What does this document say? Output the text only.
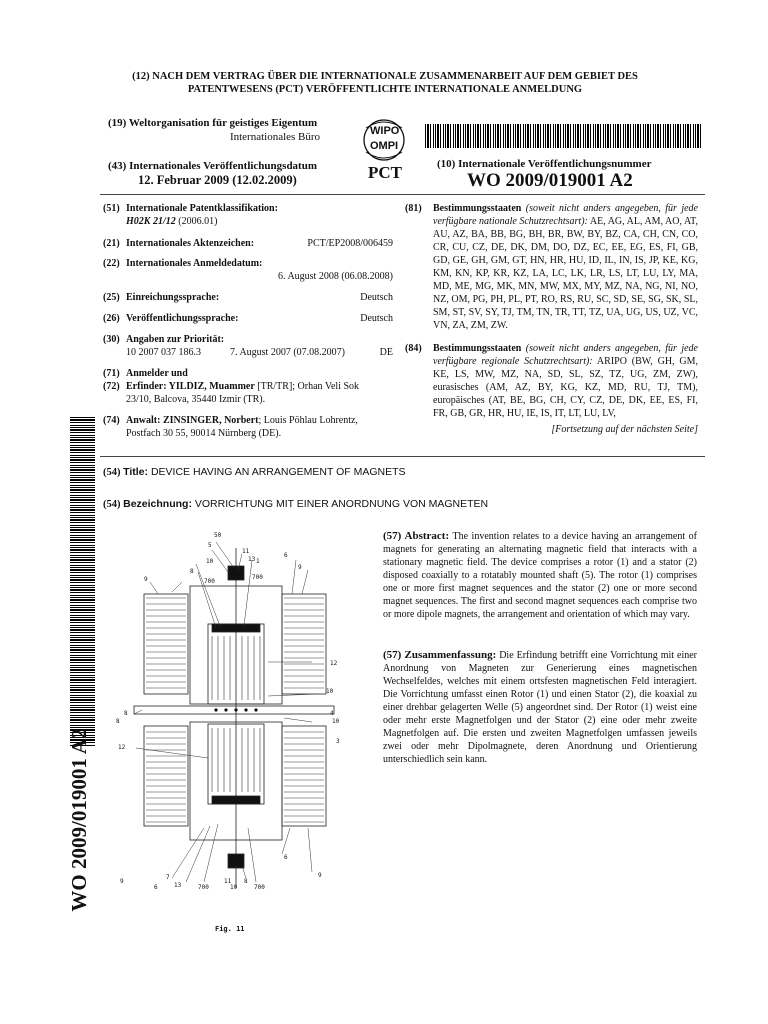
(12) NACH DEM VERTRAG ÜBER DIE INTERNATIONALE ZUSAMMENARBEIT AUF DEM GEBIET DES
PATENTWESENS (PCT) VERÖFFENTLICHTE INTERNATIONALE ANMELDUNG
(19) Weltorganisation für geistiges Eigentum
Internationales Büro	WIPO
OMPI
(43) Internationales Veröffentlichungsdatum
12. Februar 2009 (12.02.2009)	PCT	(10) Internationale Veröffentlichungsnummer
WO 2009/019001 A2
(51) Internationale Patentklassifikation:
H02K 21/12 (2006.01)
(21) Internationales Aktenzeichen:	PCT/EP2008/006459
(22) Internationales Anmeldedatum:
6. August 2008 (06.08.2008)
(25) Einreichungssprache:	Deutsch
(26) Veröffentlichungssprache:	Deutsch
(30) Angaben zur Priorität:
10 2007 037 186.3	7. August 2007 (07.08.2007)	DE
(71) Anmelder und
(72) Erfinder: YILDIZ, Muammer [TR/TR]; Orhan Veli Sok
23/10, Balcova, 35440 Izmir (TR).
(74) Anwalt: ZINSINGER, Norbert; Louis Pöhlau Lohrentz,
Postfach 30 55, 90014 Nürnberg (DE).
(81)	Bestimmungsstaaten (soweit nicht anders angegeben, für jede verfügbare nationale Schutzrechtsart): AE, AG, AL, AM, AO, AT, AU, AZ, BA, BB, BG, BH, BR, BW, BY, BZ, CA, CH, CN, CO, CR, CU, CZ, DE, DK, DM, DO, DZ, EC, EE, EG, ES, FI, GB, GD, GE, GH, GM, GT, HN, HR, HU, ID, IL, IN, IS, JP, KE, KG, KM, KN, KP, KR, KZ, LA, LC, LK, LR, LS, LT, LU, LY, MA, MD, ME, MG, MK, MN, MW, MX, MY, MZ, NA, NG, NI, NO, NZ, OM, PG, PH, PL, PT, RO, RS, RU, SC, SD, SE, SG, SK, SL, SM, ST, SV, SY, TJ, TM, TN, TR, TT, TZ, UA, UG, US, UZ, VC, VN, ZA, ZM, ZW.
(84)	Bestimmungsstaaten (soweit nicht anders angegeben, für jede verfügbare regionale Schutzrechtsart): ARIPO (BW, GH, GM, KE, LS, MW, MZ, NA, SD, SL, SZ, TZ, UG, ZM, ZW), eurasisches (AM, AZ, BY, KG, KZ, MD, RU, TJ, TM), europäisches (AT, BE, BG, CH, CY, CZ, DE, DK, EE, ES, FI, FR, GB, GR, HR, HU, IE, IS, IT, LT, LU, LV,
[Fortsetzung auf der nächsten Seite]
(54) Title: DEVICE HAVING AN ARRANGEMENT OF MAGNETS
(54) Bezeichnung: VORRICHTUNG MIT EINER ANORDNUNG VON MAGNETEN
(57) Abstract: The invention relates to a device having an arrangement of magnets for generating an alternating magnetic field that interacts with a stationary magnetic field. The device comprises a rotor (1) and a stator (2) disposed coaxially to a rotatably mounted shaft (5). The rotor (1) comprises one or more first magnet sequences and the stator (2) one or more second magnet sequences. The first and second magnet sequences each comprise two or more dipole magnets, the arrangement and orientation of which may vary.
(57) Zusammenfassung: Die Erfindung betrifft eine Vorrichtung mit einer Anordnung von Magneten zur Generierung eines magnetischen Wechselfeldes, welches mit einem ortsfesten magnetischen Feld interagiert. Die Vorrichtung umfasst einen Rotor (1) und einen Stator (2), die koaxial zu einer drehbar gelagerten Welle (5) angeordnet sind. Der Rotor (1) weist eine oder mehr erste Magnetfolgen und der Stator (2) eine oder mehr zweite Magnetfolgen auf. Die ersten und zweiten Magnetfolgen umfassen jeweils zwei oder mehr Dipolmagnete, deren Anordnung und Orientierung unterschiedlich sein kann.
WO 2009/019001 A2
50
5
11
10	13 1
6
9
8
700
700
9
12
10
8	4
10
3
12
9
7
6	13	700
11
10
8
700
6
9
8
Fig. 11
